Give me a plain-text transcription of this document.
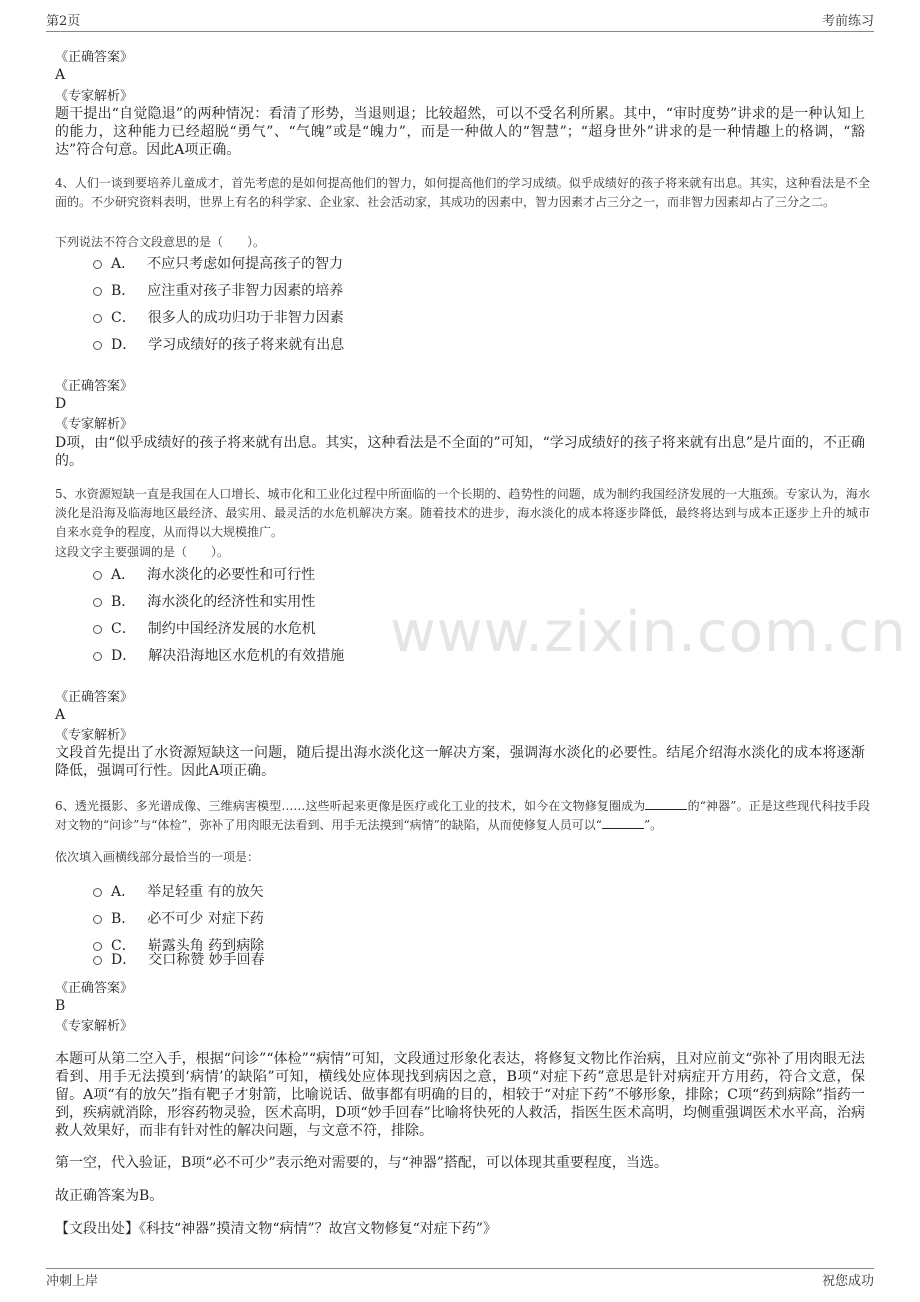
第2页	考前练习
www.zixin.com.cn
《正确答案》
A
《专家解析》
题干提出“自觉隐退”的两种情况：看清了形势，当退则退；比较超然，可以不受名利所累。其中，“审时度势”讲求的是一种认知上的能力，这种能力已经超脱“勇气”、“气魄”或是“魄力”，而是一种做人的“智慧”；“超身世外”讲求的是一种情趣上的格调，“豁达”符合句意。因此A项正确。
4、人们一谈到要培养儿童成才，首先考虑的是如何提高他们的智力，如何提高他们的学习成绩。似乎成绩好的孩子将来就有出息。其实，这种看法是不全面的。不少研究资料表明，世界上有名的科学家、企业家、社会活动家，其成功的因素中，智力因素才占三分之一，而非智力因素却占了三分之二。
下列说法不符合文段意思的是（　　）。
A． 不应只考虑如何提高孩子的智力
B． 应注重对孩子非智力因素的培养
C． 很多人的成功归功于非智力因素
D． 学习成绩好的孩子将来就有出息
《正确答案》
D
《专家解析》
D项，由“似乎成绩好的孩子将来就有出息。其实，这种看法是不全面的”可知，“学习成绩好的孩子将来就有出息”是片面的，不正确的。
5、水资源短缺一直是我国在人口增长、城市化和工业化过程中所面临的一个长期的、趋势性的问题，成为制约我国经济发展的一大瓶颈。专家认为，海水淡化是沿海及临海地区最经济、最实用、最灵活的水危机解决方案。随着技术的进步，海水淡化的成本将逐步降低，最终将达到与成本正逐步上升的城市自来水竞争的程度，从而得以大规模推广。
这段文字主要强调的是（　　）。
A． 海水淡化的必要性和可行性
B． 海水淡化的经济性和实用性
C． 制约中国经济发展的水危机
D． 解决沿海地区水危机的有效措施
《正确答案》
A
《专家解析》
文段首先提出了水资源短缺这一问题，随后提出海水淡化这一解决方案，强调海水淡化的必要性。结尾介绍海水淡化的成本将逐渐降低，强调可行性。因此A项正确。
6、透光摄影、多光谱成像、三维病害模型……这些听起来更像是医疗或化工业的技术，如今在文物修复圈成为	的“神器”。正是这些现代科技手段对文物的“问诊”与“体检”，弥补了用肉眼无法看到、用手无法摸到“病情”的缺陷，从而使修复人员可以“	”。
依次填入画横线部分最恰当的一项是：
A． 举足轻重 有的放矢
B． 必不可少 对症下药
C． 崭露头角 药到病除
D． 交口称赞 妙手回春
《正确答案》
B
《专家解析》
本题可从第二空入手，根据“问诊”“体检”“病情”可知，文段通过形象化表达，将修复文物比作治病，且对应前文“弥补了用肉眼无法看到、用手无法摸到‘病情’的缺陷”可知，横线处应体现找到病因之意，B项“对症下药”意思是针对病症开方用药，符合文意，保留。A项“有的放矢”指有靶子才射箭，比喻说话、做事都有明确的目的，相较于“对症下药”不够形象，排除；C项“药到病除”指药一到，疾病就消除，形容药物灵验，医术高明，D项“妙手回春”比喻将快死的人救活，指医生医术高明，均侧重强调医术水平高，治病救人效果好，而非有针对性的解决问题，与文意不符，排除。
第一空，代入验证，B项“必不可少”表示绝对需要的，与“神器”搭配，可以体现其重要程度，当选。
故正确答案为B。
【文段出处】《科技“神器”摸清文物“病情”？故宫文物修复“对症下药”》
冲刺上岸	祝您成功
